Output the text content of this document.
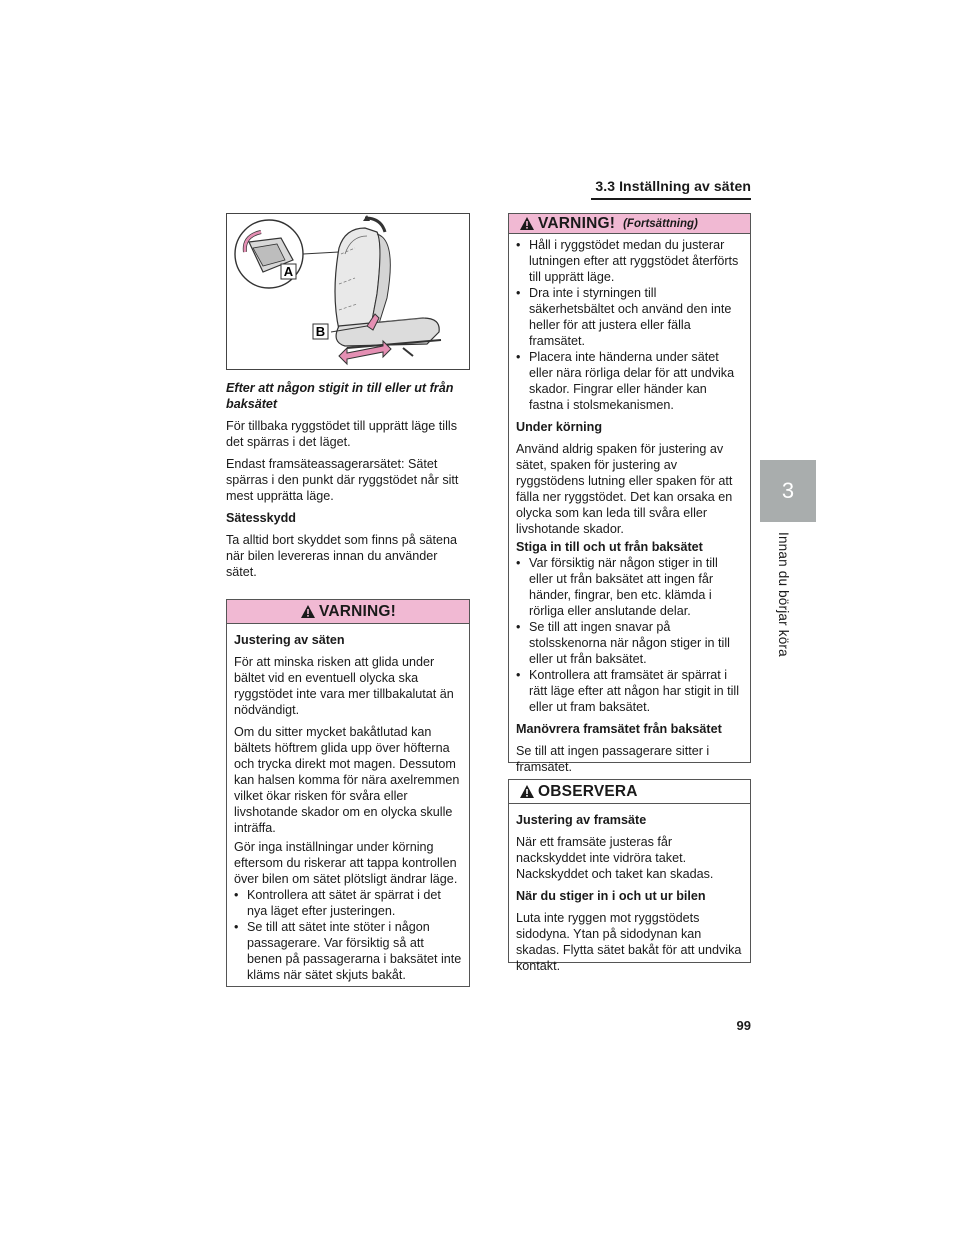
3.3 Inställning av säten
3
Innan du börjar köra
A
B

Efter att någon stigit in till eller ut från baksätet

För tillbaka ryggstödet till upprätt läge tills det spärras i det läget.

Endast framsäteassagerarsätet: Sätet spärras i den punkt där ryggstödet når sitt mest upprätta läge.

Sätesskydd

Ta alltid bort skyddet som finns på sätena när bilen levereras innan du använder sätet.

VARNING!

Justering av säten

För att minska risken att glida under bältet vid en eventuell olycka ska ryggstödet inte vara mer tillbakalutat än nödvändigt.

Om du sitter mycket bakåtlutad kan bältets höftrem glida upp över höfterna och trycka direkt mot magen. Dessutom kan halsen komma för nära axelremmen vilket ökar risken för svåra eller livshotande skador om en olycka skulle inträffa.

Gör inga inställningar under körning eftersom du riskerar att tappa kontrollen över bilen om sätet plötsligt ändrar läge.

• Kontrollera att sätet är spärrat i det nya läget efter justeringen.
• Se till att sätet inte stöter i någon passagerare. Var försiktig så att benen på passagerarna i baksätet inte kläms när sätet skjuts bakåt.
VARNING! (Fortsättning)
• Håll i ryggstödet medan du justerar lutningen efter att ryggstödet återförts till upprätt läge.
• Dra inte i styrningen till säkerhetsbältet och använd den inte heller för att justera eller fälla framsätet.
• Placera inte händerna under sätet eller nära rörliga delar för att undvika skador. Fingrar eller händer kan fastna i stolsmekanismen.

Under körning

Använd aldrig spaken för justering av sätet, spaken för justering av ryggstödens lutning eller spaken för att fälla ner ryggstödet. Det kan orsaka en olycka som kan leda till svåra eller livshotande skador.

Stiga in till och ut från baksätet

• Var försiktig när någon stiger in till eller ut från baksätet att ingen får händer, fingrar, ben etc. klämda i rörliga eller anslutande delar.
• Se till att ingen snavar på stolsskenorna när någon stiger in till eller ut från baksätet.
• Kontrollera att framsätet är spärrat i rätt läge efter att någon har stigit in till eller ut fram baksätet.

Manövrera framsätet från baksätet

Se till att ingen passagerare sitter i framsätet.

OBSERVERA

Justering av framsäte

När ett framsäte justeras får nackskyddet inte vidröra taket. Nackskyddet och taket kan skadas.

När du stiger in i och ut ur bilen

Luta inte ryggen mot ryggstödets sidodyna. Ytan på sidodynan kan skadas. Flytta sätet bakåt för att undvika kontakt.

99
